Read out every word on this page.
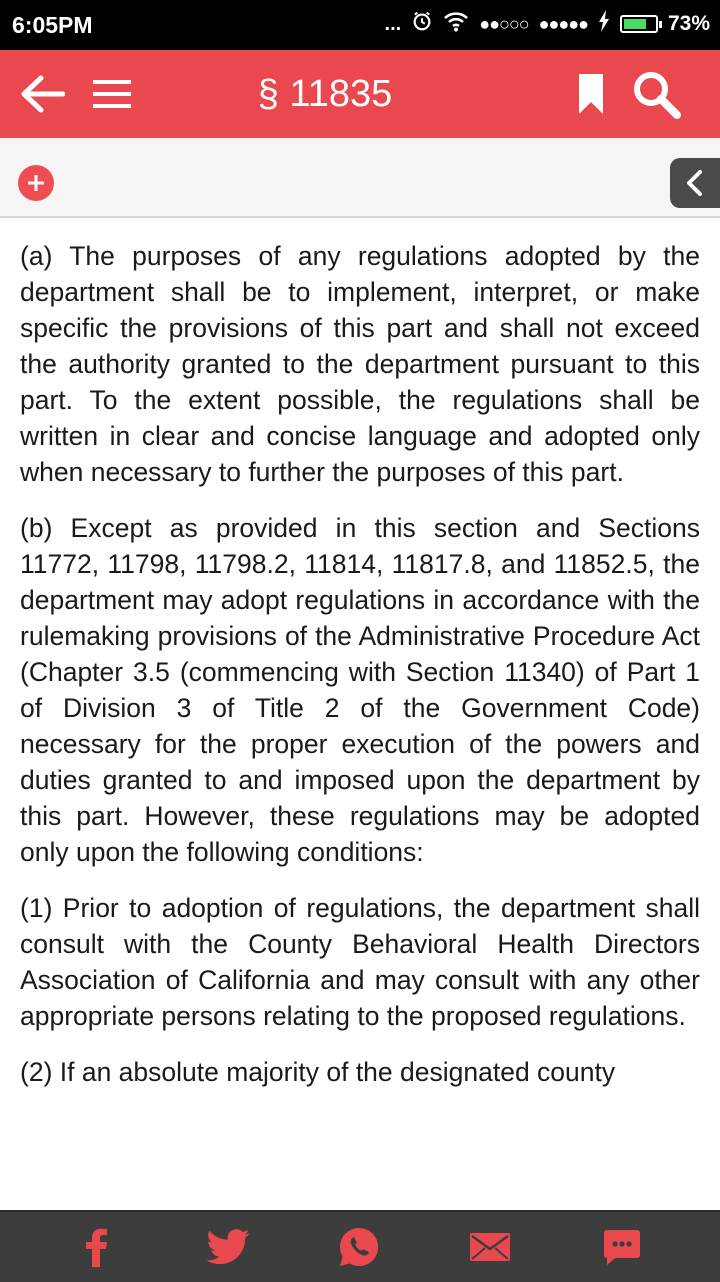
6:05PM	...	●●○○○ ●●●●●	73%
§ 11835

(a) The purposes of any regulations adopted by the department shall be to implement, interpret, or make specific the provisions of this part and shall not exceed the authority granted to the department pursuant to this part. To the extent possible, the regulations shall be written in clear and concise language and adopted only when necessary to further the purposes of this part.

(b) Except as provided in this section and Sections 11772, 11798, 11798.2, 11814, 11817.8, and 11852.5, the department may adopt regulations in accordance with the rulemaking provisions of the Administrative Procedure Act (Chapter 3.5 (commencing with Section 11340) of Part 1 of Division 3 of Title 2 of the Government Code) necessary for the proper execution of the powers and duties granted to and imposed upon the department by this part. However, these regulations may be adopted only upon the following conditions:

(1) Prior to adoption of regulations, the department shall consult with the County Behavioral Health Directors Association of California and may consult with any other appropriate persons relating to the proposed regulations.

(2) If an absolute majority of the designated county
